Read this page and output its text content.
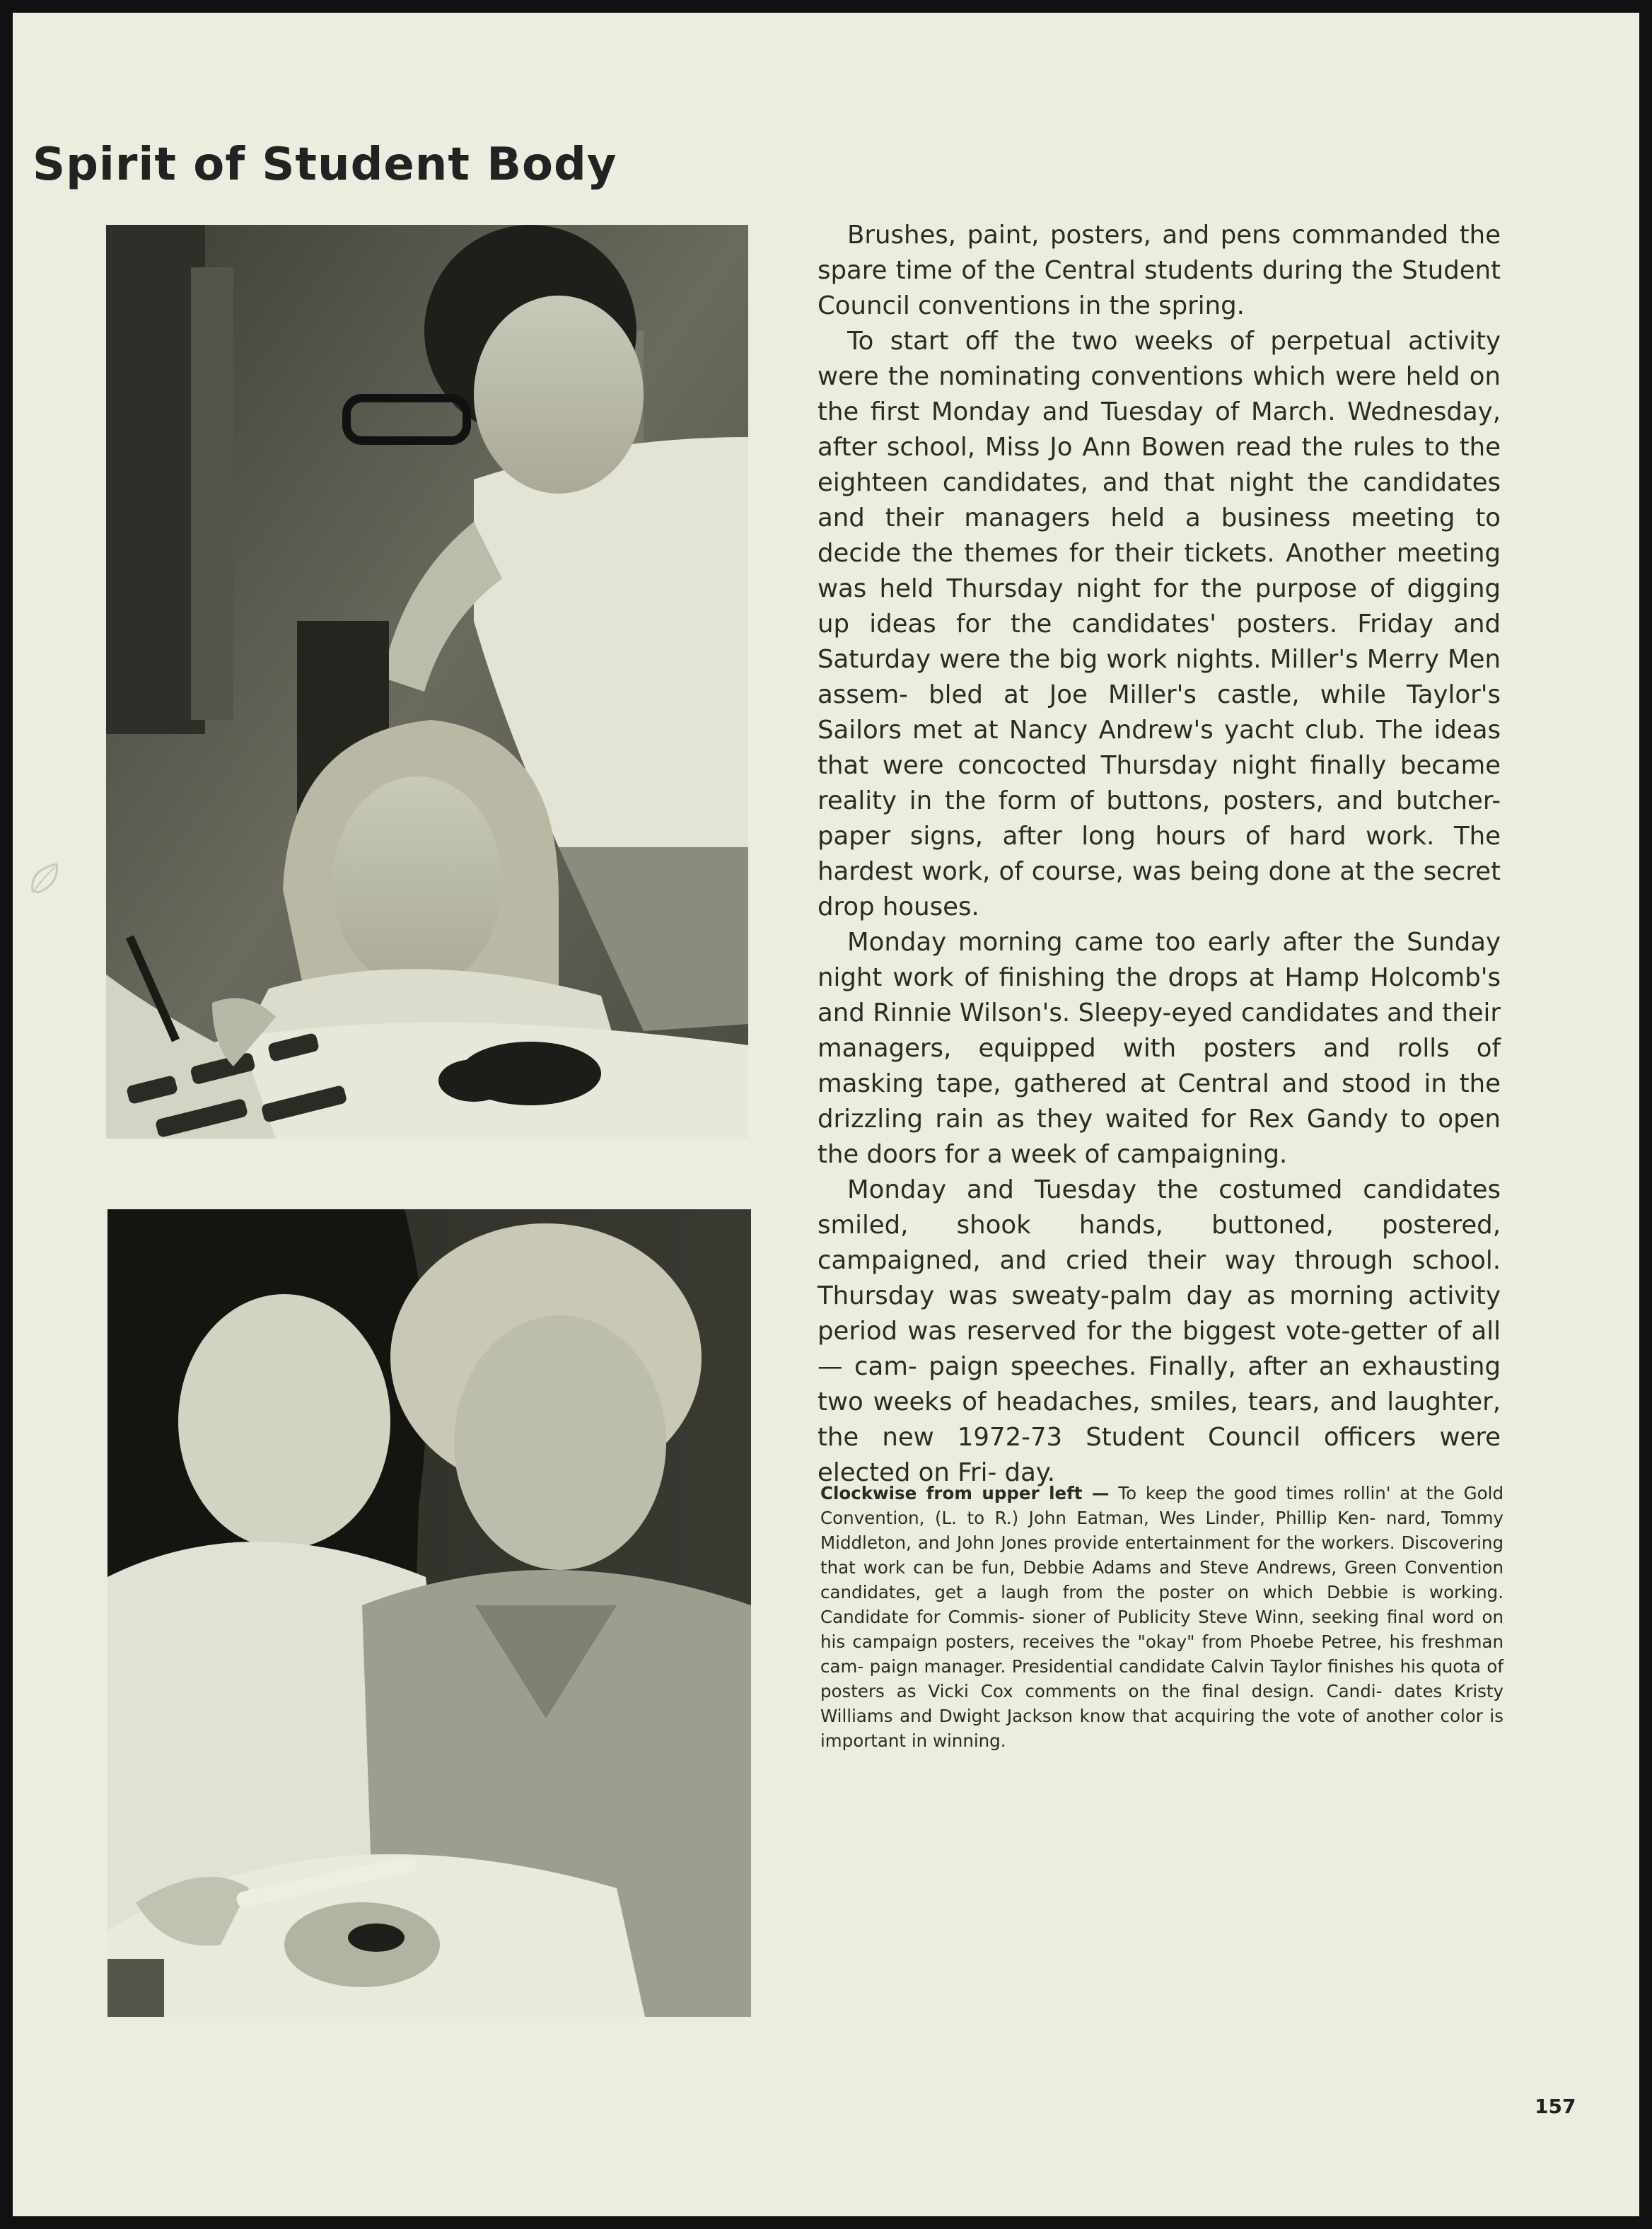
Spirit of Student Body

Brushes, paint, posters, and pens commanded the spare time of the Central students during the Student Council conventions in the spring.

To start off the two weeks of perpetual activity were the nominating conventions which were held on the first Monday and Tuesday of March. Wednesday, after school, Miss Jo Ann Bowen read the rules to the eighteen candidates, and that night the candidates and their managers held a business meeting to decide the themes for their tickets. Another meeting was held Thursday night for the purpose of digging up ideas for the candidates' posters. Friday and Saturday were the big work nights. Miller's Merry Men assem- bled at Joe Miller's castle, while Taylor's Sailors met at Nancy Andrew's yacht club. The ideas that were concocted Thursday night finally became reality in the form of buttons, posters, and butcher-paper signs, after long hours of hard work. The hardest work, of course, was being done at the secret drop houses.

Monday morning came too early after the Sunday night work of finishing the drops at Hamp Holcomb's and Rinnie Wilson's. Sleepy-eyed candidates and their managers, equipped with posters and rolls of masking tape, gathered at Central and stood in the drizzling rain as they waited for Rex Gandy to open the doors for a week of campaigning.

Monday and Tuesday the costumed candidates smiled, shook hands, buttoned, postered, campaigned, and cried their way through school. Thursday was sweaty-palm day as morning activity period was reserved for the biggest vote-getter of all — cam- paign speeches. Finally, after an exhausting two weeks of headaches, smiles, tears, and laughter, the new 1972-73 Student Council officers were elected on Fri- day.

Clockwise from upper left — To keep the good times rollin' at the Gold Convention, (L. to R.) John Eatman, Wes Linder, Phillip Ken- nard, Tommy Middleton, and John Jones provide entertainment for the workers. Discovering that work can be fun, Debbie Adams and Steve Andrews, Green Convention candidates, get a laugh from the poster on which Debbie is working. Candidate for Commis- sioner of Publicity Steve Winn, seeking final word on his campaign posters, receives the "okay" from Phoebe Petree, his freshman cam- paign manager. Presidential candidate Calvin Taylor finishes his quota of posters as Vicki Cox comments on the final design. Candi- dates Kristy Williams and Dwight Jackson know that acquiring the vote of another color is important in winning.
157
